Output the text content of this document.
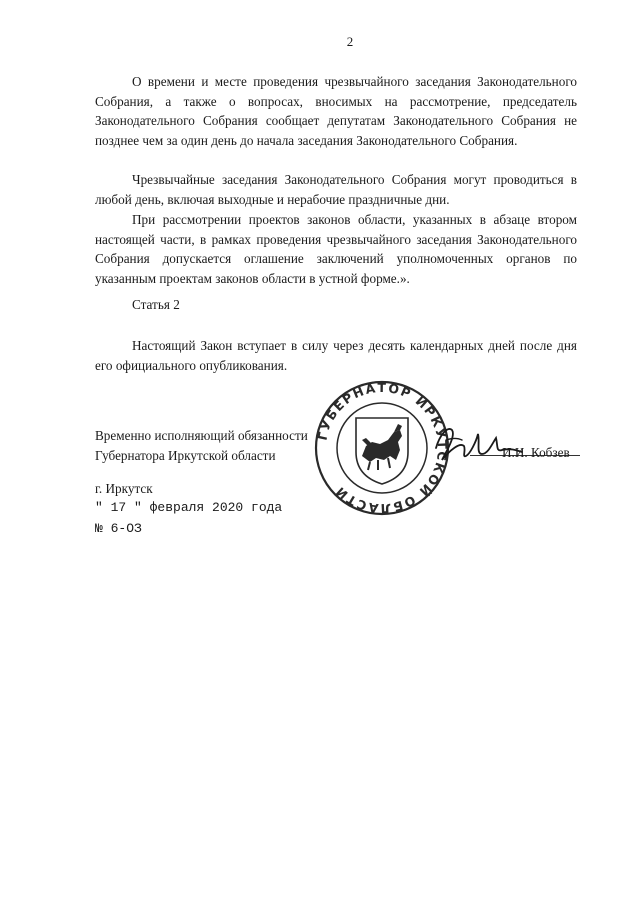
2

О времени и месте проведения чрезвычайного заседания Законодательного Собрания, а также о вопросах, вносимых на рассмотрение, председатель Законодательного Собрания сообщает депутатам Законодательного Собрания не позднее чем за один день до начала заседания Законодательного Собрания.

Чрезвычайные заседания Законодательного Собрания могут проводиться в любой день, включая выходные и нерабочие праздничные дни.

При рассмотрении проектов законов области, указанных в абзаце втором настоящей части, в рамках проведения чрезвычайного заседания Законодательного Собрания допускается оглашение заключений уполномоченных органов по указанным проектам законов области в устной форме.».

Статья 2

Настоящий Закон вступает в силу через десять календарных дней после дня его официального опубликования.

Временно исполняющий обязанности
Губернатора Иркутской области
ГУБЕРНАТОР ИРКУТСКОЙ ОБЛАСТИ
И.И. Кобзев
г. Иркутск
" 17 " февраля 2020 года
№ 6-ОЗ
